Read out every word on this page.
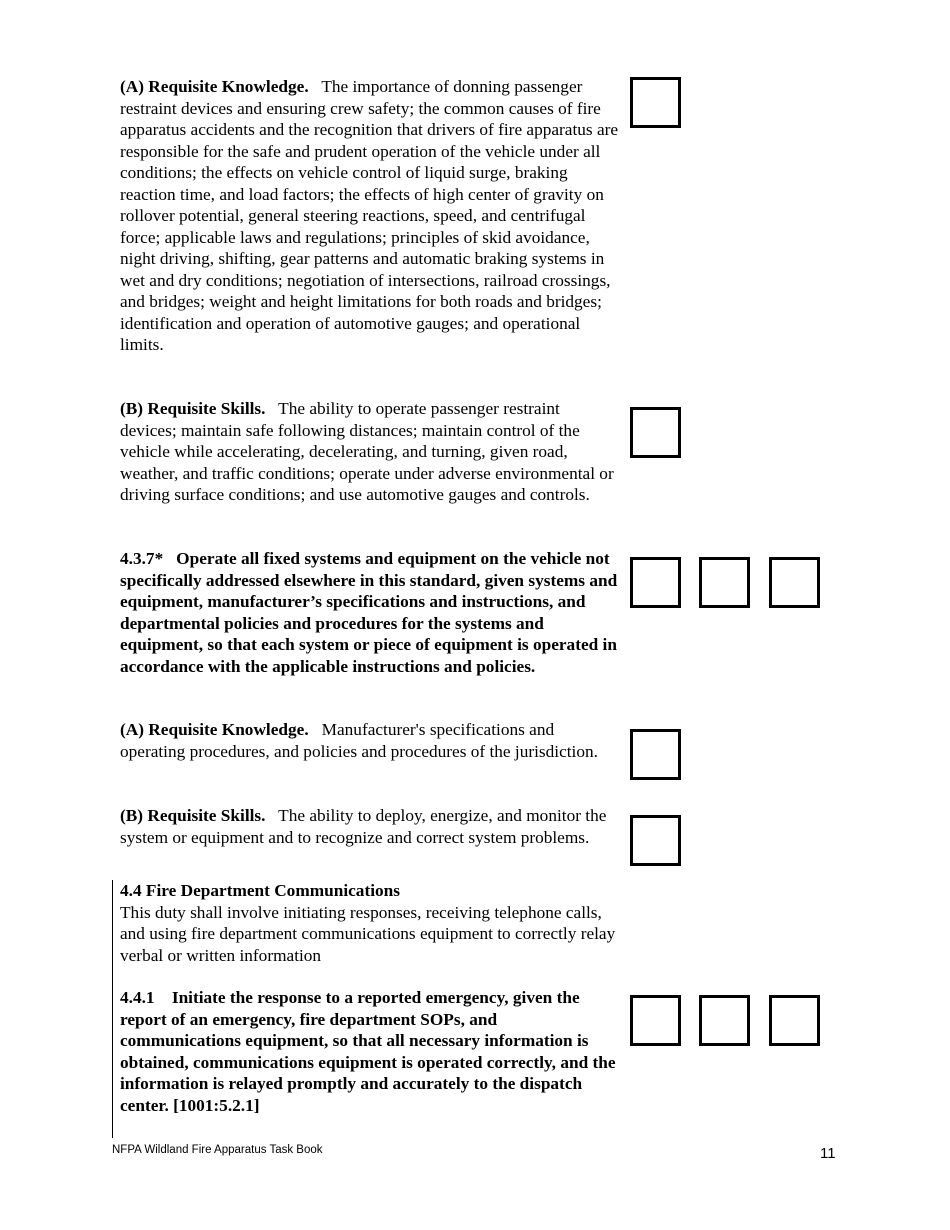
(A) Requisite Knowledge. The importance of donning passenger restraint devices and ensuring crew safety; the common causes of fire apparatus accidents and the recognition that drivers of fire apparatus are responsible for the safe and prudent operation of the vehicle under all conditions; the effects on vehicle control of liquid surge, braking reaction time, and load factors; the effects of high center of gravity on rollover potential, general steering reactions, speed, and centrifugal force; applicable laws and regulations; principles of skid avoidance, night driving, shifting, gear patterns and automatic braking systems in wet and dry conditions; negotiation of intersections, railroad crossings, and bridges; weight and height limitations for both roads and bridges; identification and operation of automotive gauges; and operational limits.
(B) Requisite Skills. The ability to operate passenger restraint devices; maintain safe following distances; maintain control of the vehicle while accelerating, decelerating, and turning, given road, weather, and traffic conditions; operate under adverse environmental or driving surface conditions; and use automotive gauges and controls.
4.3.7* Operate all fixed systems and equipment on the vehicle not specifically addressed elsewhere in this standard, given systems and equipment, manufacturer’s specifications and instructions, and departmental policies and procedures for the systems and equipment, so that each system or piece of equipment is operated in accordance with the applicable instructions and policies.
(A) Requisite Knowledge. Manufacturer's specifications and operating procedures, and policies and procedures of the jurisdiction.
(B) Requisite Skills. The ability to deploy, energize, and monitor the system or equipment and to recognize and correct system problems.
4.4 Fire Department Communications
This duty shall involve initiating responses, receiving telephone calls, and using fire department communications equipment to correctly relay verbal or written information
4.4.1 Initiate the response to a reported emergency, given the report of an emergency, fire department SOPs, and communications equipment, so that all necessary information is obtained, communications equipment is operated correctly, and the information is relayed promptly and accurately to the dispatch center. [1001:5.2.1]
NFPA Wildland Fire Apparatus Task Book	11
